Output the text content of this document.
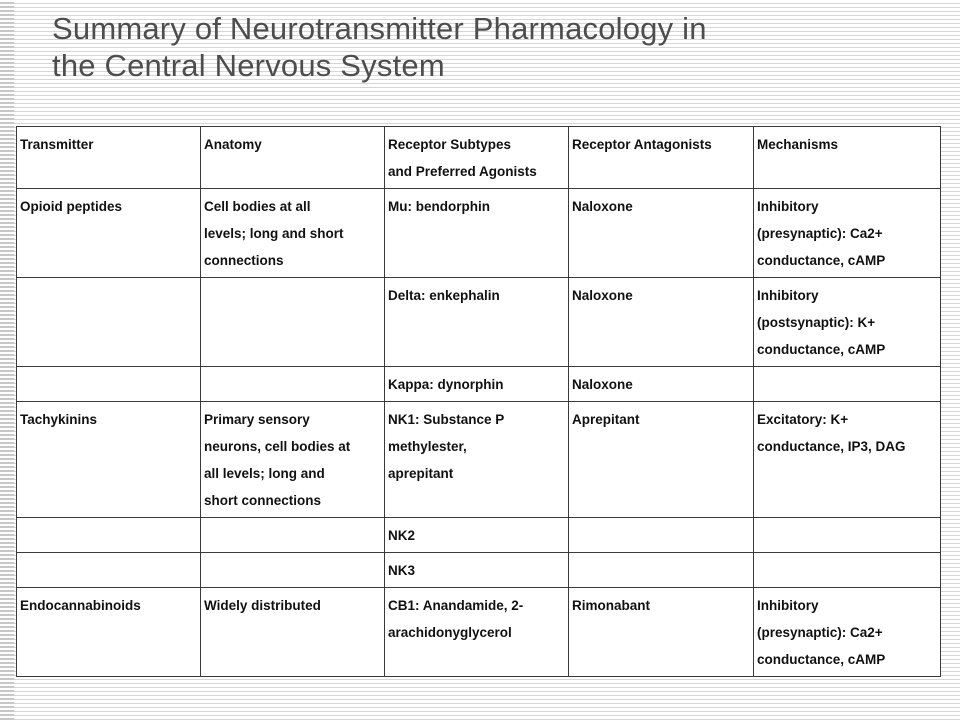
Summary of Neurotransmitter Pharmacology in
the Central Nervous System
Transmitter	Anatomy	Receptor Subtypes
and Preferred Agonists	Receptor Antagonists	Mechanisms

Opioid peptides	Cell bodies at all
levels; long and short
connections	Mu: bendorphin	Naloxone	Inhibitory
(presynaptic): Ca2+
conductance, cAMP

		Delta: enkephalin	Naloxone	Inhibitory
(postsynaptic): K+
conductance, cAMP

		Kappa: dynorphin	Naloxone	

Tachykinins	Primary sensory
neurons, cell bodies at
all levels; long and
short connections	NK1: Substance P
methylester,
aprepitant	Aprepitant	Excitatory: K+
conductance, IP3, DAG

		NK2		

		NK3		

Endocannabinoids	Widely distributed	CB1: Anandamide, 2-
arachidonyglycerol	Rimonabant	Inhibitory
(presynaptic): Ca2+
conductance, cAMP
